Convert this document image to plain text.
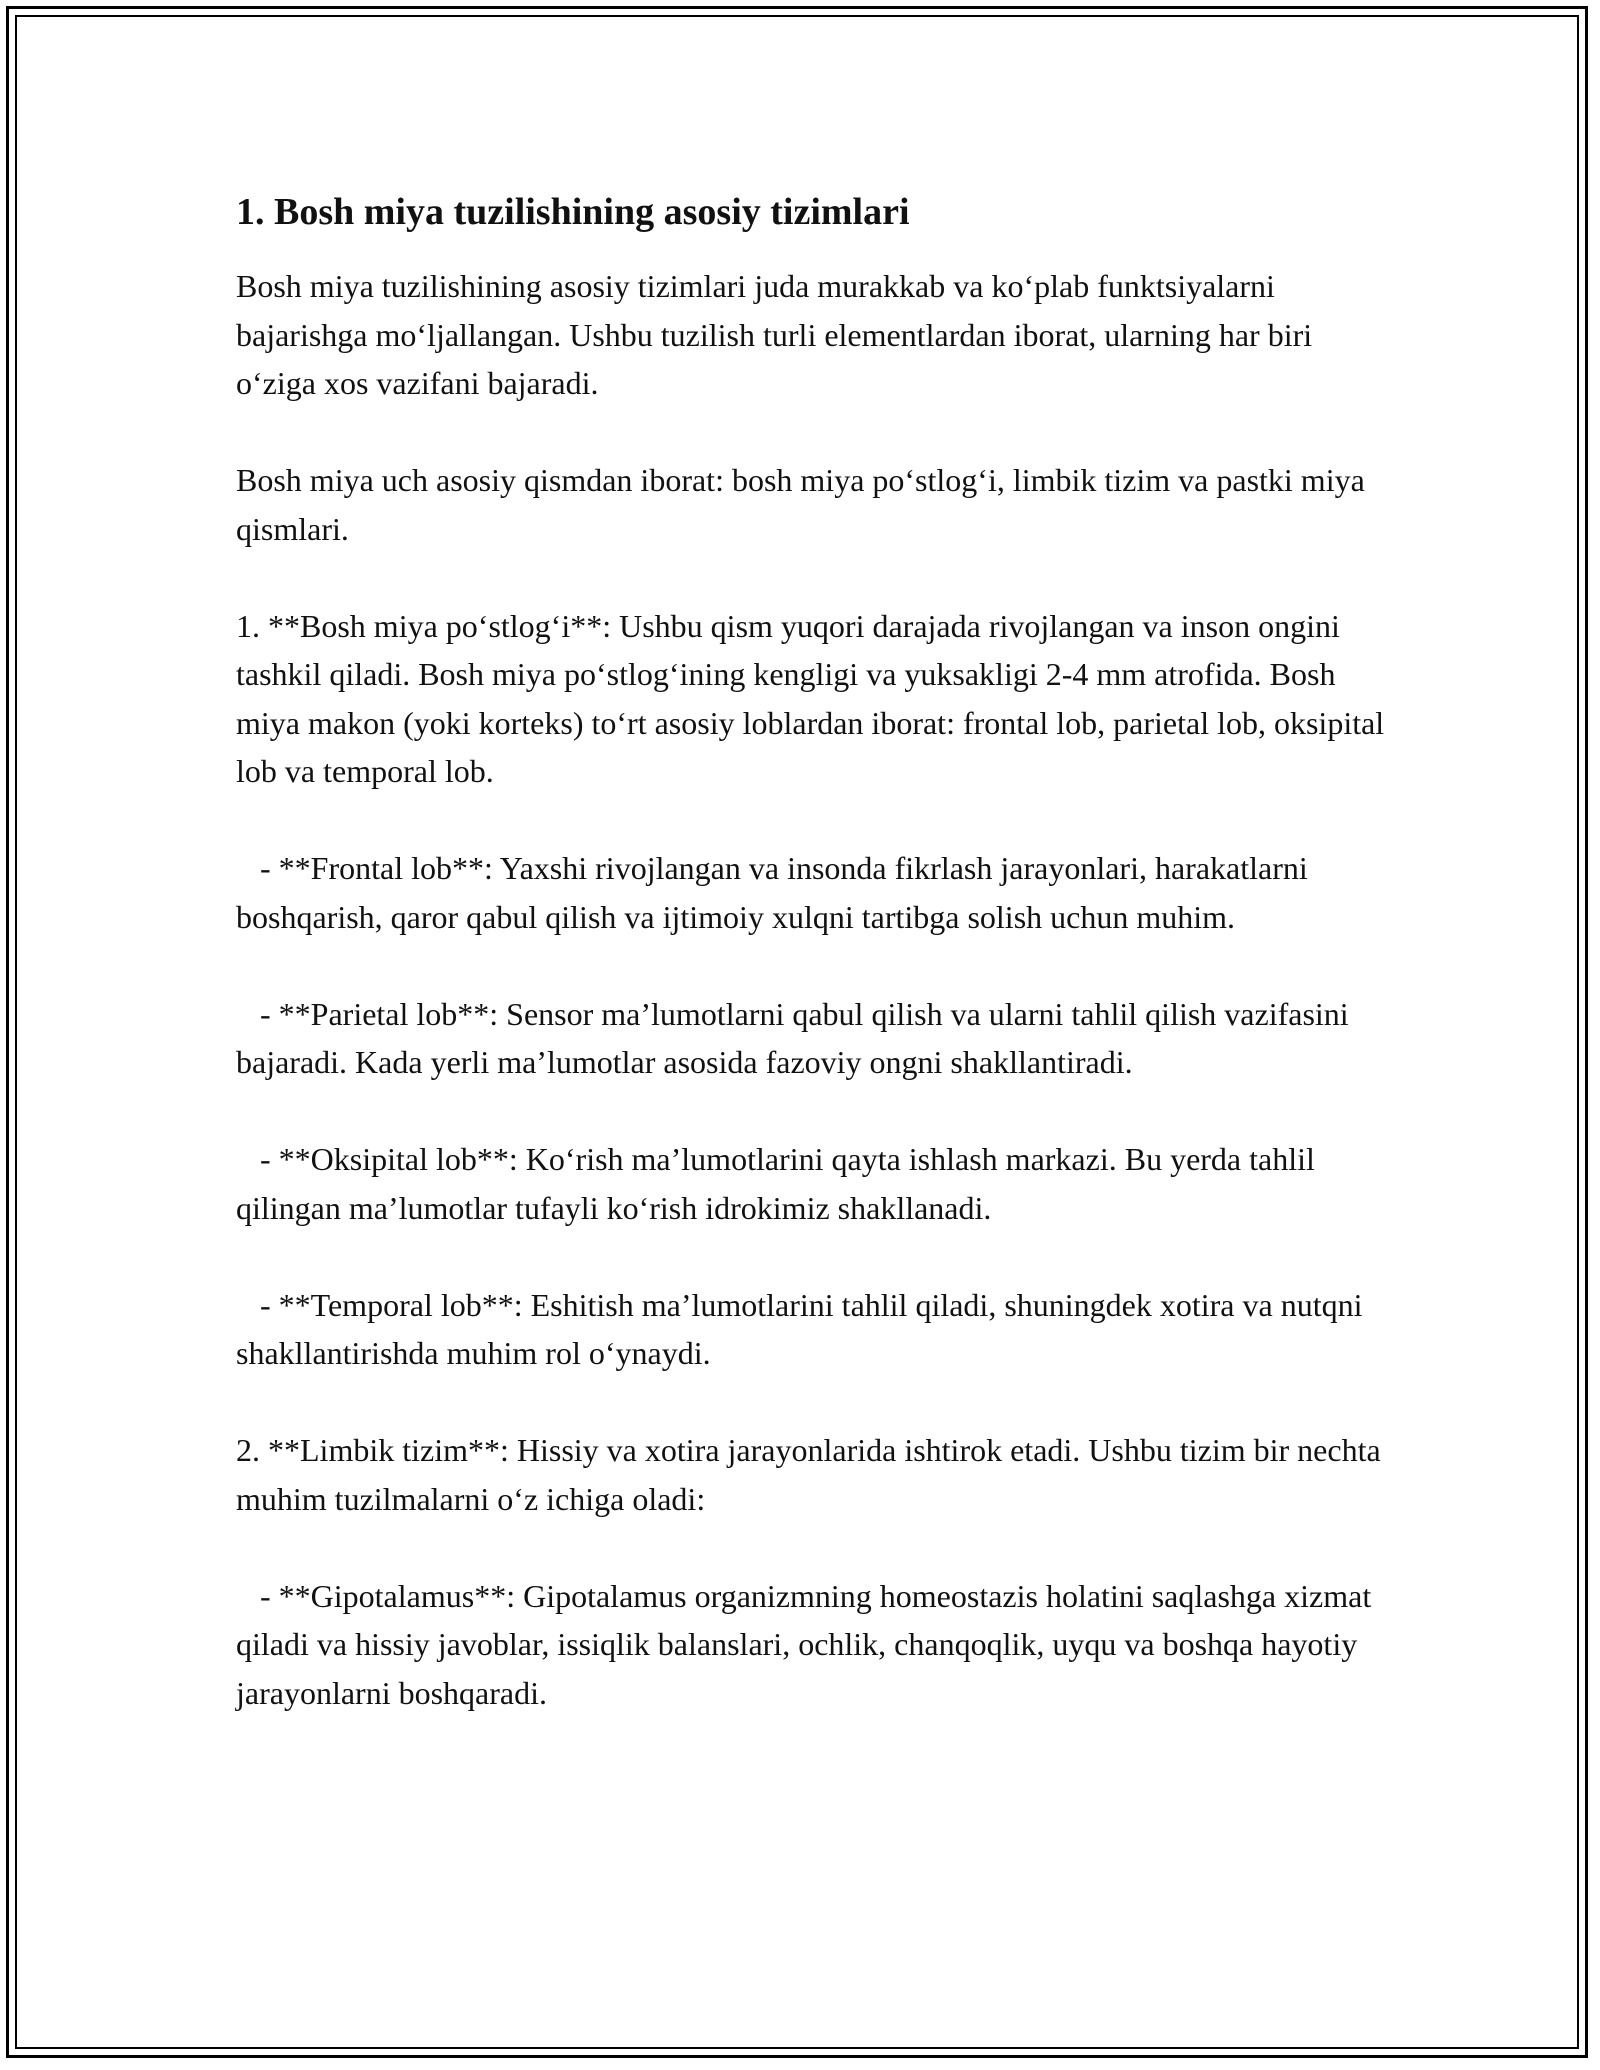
1. Bosh miya tuzilishining asosiy tizimlari

Bosh miya tuzilishining asosiy tizimlari juda murakkab va ko‘plab funktsiyalarni bajarishga mo‘ljallangan. Ushbu tuzilish turli elementlardan iborat, ularning har biri o‘ziga xos vazifani bajaradi.

Bosh miya uch asosiy qismdan iborat: bosh miya po‘stlog‘i, limbik tizim va pastki miya qismlari.

1. **Bosh miya po‘stlog‘i**: Ushbu qism yuqori darajada rivojlangan va inson ongini tashkil qiladi. Bosh miya po‘stlog‘ining kengligi va yuksakligi 2-4 mm atrofida. Bosh miya makon (yoki korteks) to‘rt asosiy loblardan iborat: frontal lob, parietal lob, oksipital lob va temporal lob.

- **Frontal lob**: Yaxshi rivojlangan va insonda fikrlash jarayonlari, harakatlarni boshqarish, qaror qabul qilish va ijtimoiy xulqni tartibga solish uchun muhim.

- **Parietal lob**: Sensor ma’lumotlarni qabul qilish va ularni tahlil qilish vazifasini bajaradi. Kada yerli ma’lumotlar asosida fazoviy ongni shakllantiradi.

- **Oksipital lob**: Ko‘rish ma’lumotlarini qayta ishlash markazi. Bu yerda tahlil qilingan ma’lumotlar tufayli ko‘rish idrokimiz shakllanadi.

- **Temporal lob**: Eshitish ma’lumotlarini tahlil qiladi, shuningdek xotira va nutqni shakllantirishda muhim rol o‘ynaydi.

2. **Limbik tizim**: Hissiy va xotira jarayonlarida ishtirok etadi. Ushbu tizim bir nechta muhim tuzilmalarni o‘z ichiga oladi:

- **Gipotalamus**: Gipotalamus organizmning homeostazis holatini saqlashga xizmat qiladi va hissiy javoblar, issiqlik balanslari, ochlik, chanqoqlik, uyqu va boshqa hayotiy jarayonlarni boshqaradi.
